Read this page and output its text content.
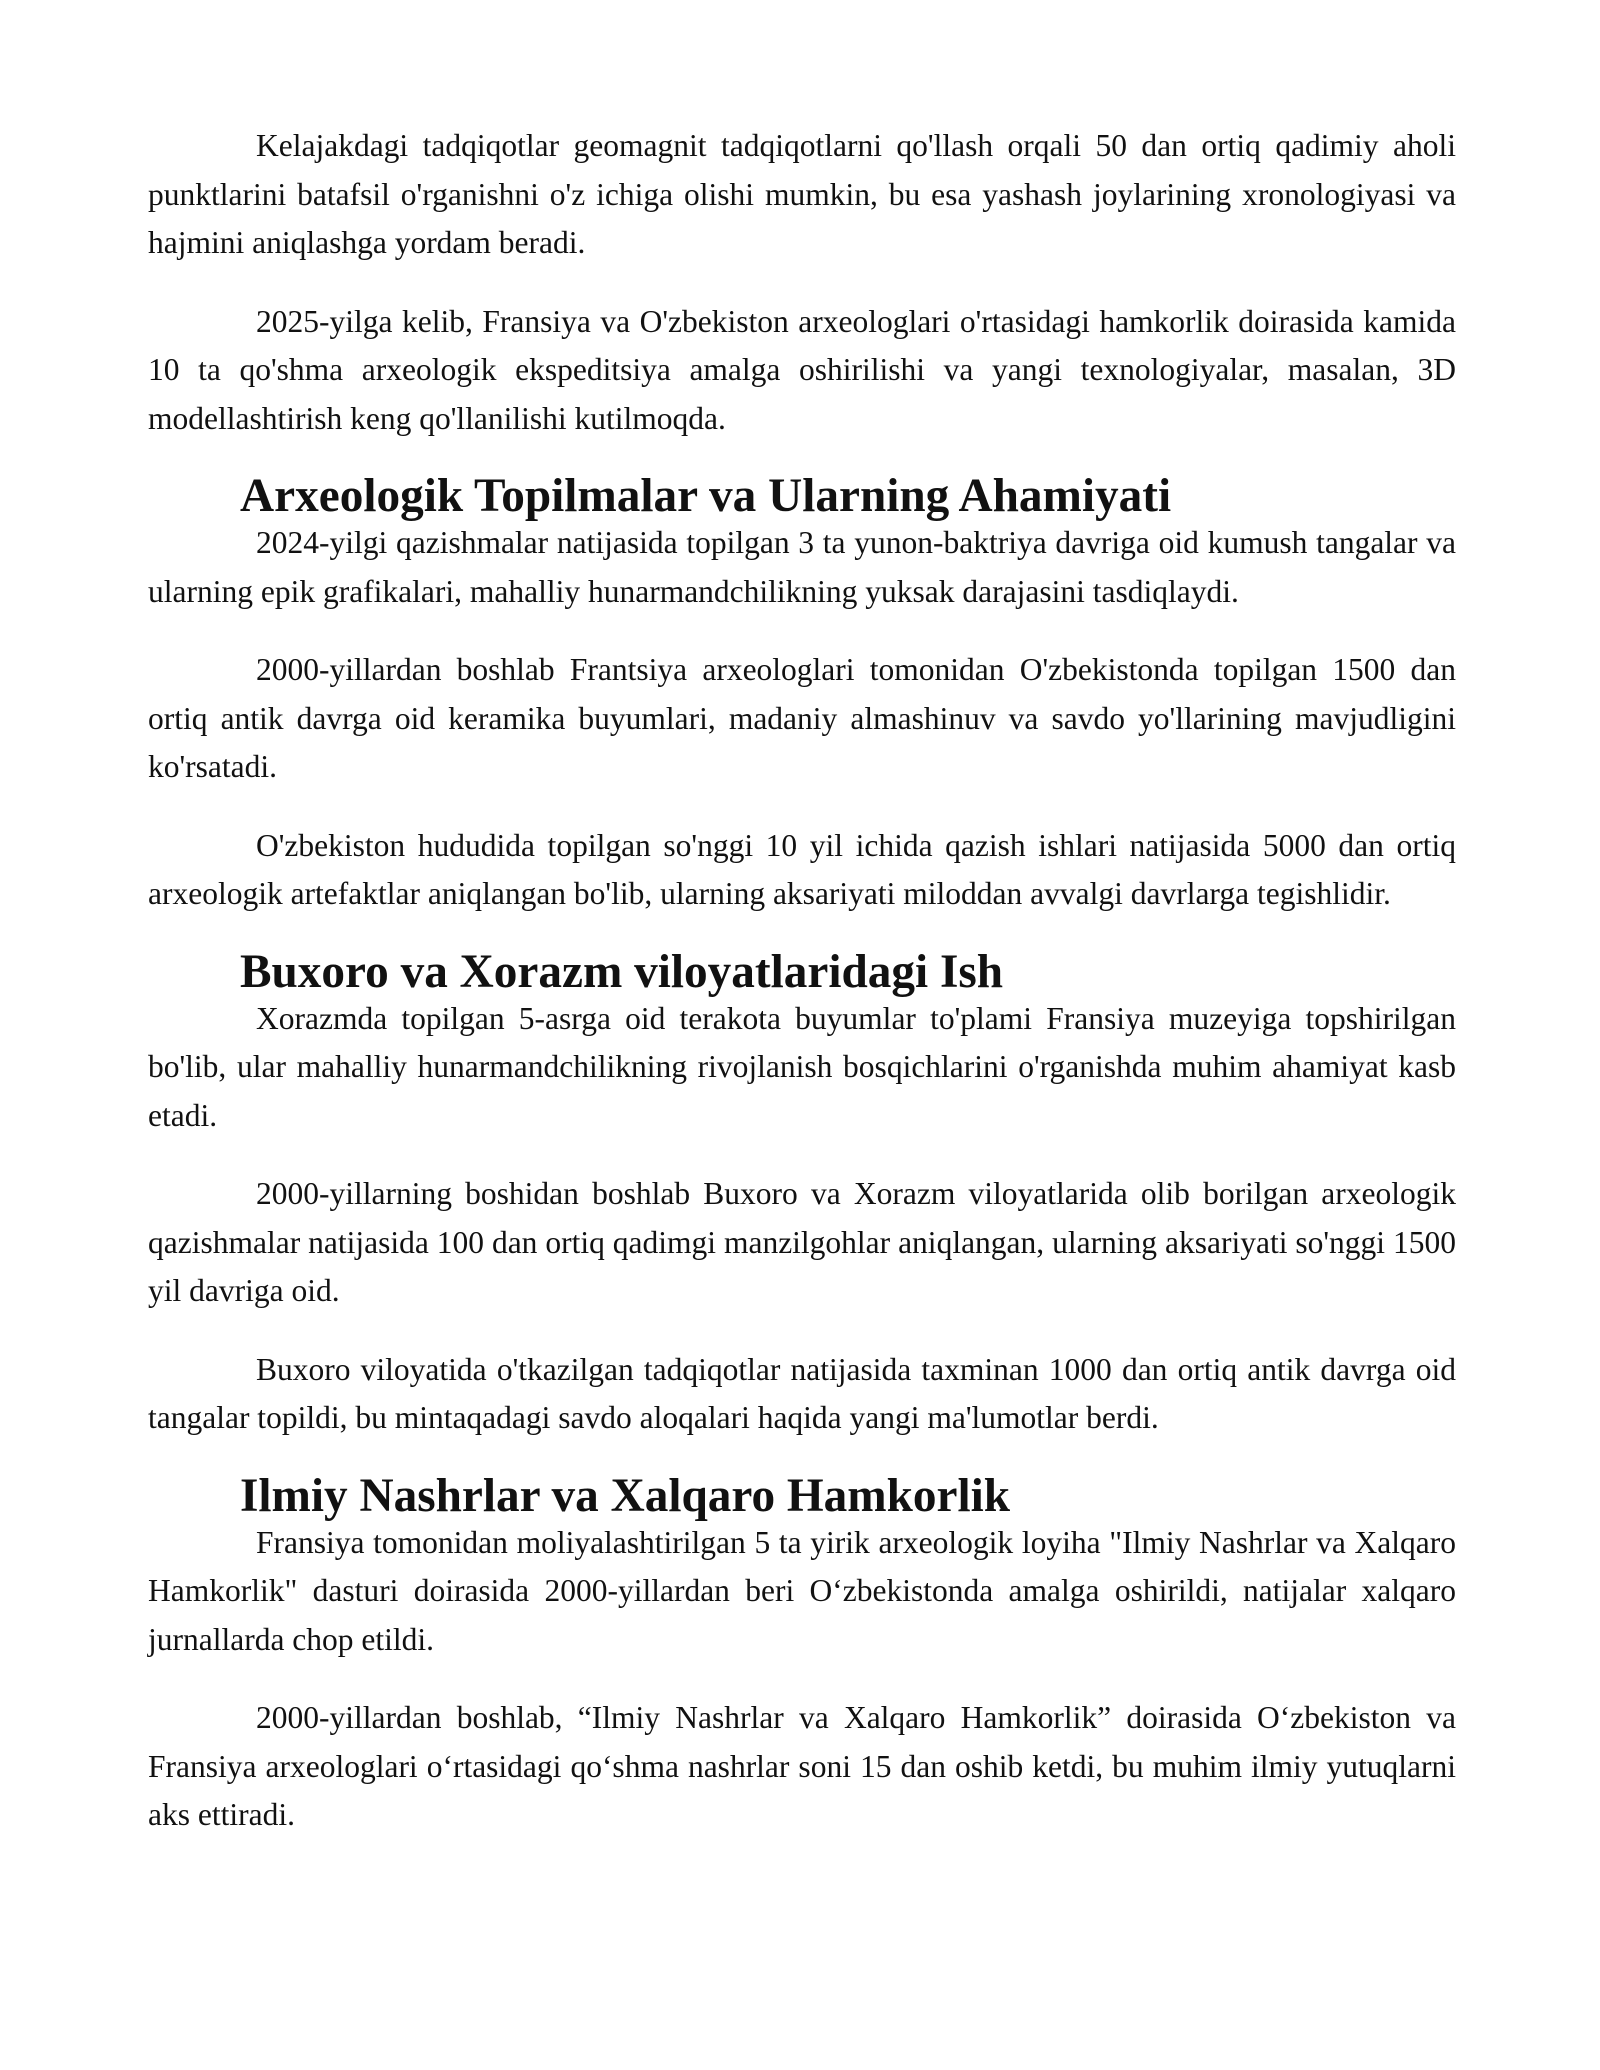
Kelajakdagi tadqiqotlar geomagnit tadqiqotlarni qo'llash orqali 50 dan ortiq qadimiy aholi punktlarini batafsil o'rganishni o'z ichiga olishi mumkin, bu esa yashash joylarining xronologiyasi va hajmini aniqlashga yordam beradi.

2025-yilga kelib, Fransiya va O'zbekiston arxeologlari o'rtasidagi hamkorlik doirasida kamida 10 ta qo'shma arxeologik ekspeditsiya amalga oshirilishi va yangi texnologiyalar, masalan, 3D modellashtirish keng qo'llanilishi kutilmoqda.

Arxeologik Topilmalar va Ularning Ahamiyati

2024-yilgi qazishmalar natijasida topilgan 3 ta yunon-baktriya davriga oid kumush tangalar va ularning epik grafikalari, mahalliy hunarmandchilikning yuksak darajasini tasdiqlaydi.

2000-yillardan boshlab Frantsiya arxeologlari tomonidan O'zbekistonda topilgan 1500 dan ortiq antik davrga oid keramika buyumlari, madaniy almashinuv va savdo yo'llarining mavjudligini ko'rsatadi.

O'zbekiston hududida topilgan so'nggi 10 yil ichida qazish ishlari natijasida 5000 dan ortiq arxeologik artefaktlar aniqlangan bo'lib, ularning aksariyati miloddan avvalgi davrlarga tegishlidir.

Buxoro va Xorazm viloyatlaridagi Ish

Xorazmda topilgan 5-asrga oid terakota buyumlar to'plami Fransiya muzeyiga topshirilgan bo'lib, ular mahalliy hunarmandchilikning rivojlanish bosqichlarini o'rganishda muhim ahamiyat kasb etadi.

2000-yillarning boshidan boshlab Buxoro va Xorazm viloyatlarida olib borilgan arxeologik qazishmalar natijasida 100 dan ortiq qadimgi manzilgohlar aniqlangan, ularning aksariyati so'nggi 1500 yil davriga oid.

Buxoro viloyatida o'tkazilgan tadqiqotlar natijasida taxminan 1000 dan ortiq antik davrga oid tangalar topildi, bu mintaqadagi savdo aloqalari haqida yangi ma'lumotlar berdi.

Ilmiy Nashrlar va Xalqaro Hamkorlik

Fransiya tomonidan moliyalashtirilgan 5 ta yirik arxeologik loyiha "Ilmiy Nashrlar va Xalqaro Hamkorlik" dasturi doirasida 2000-yillardan beri Oʻzbekistonda amalga oshirildi, natijalar xalqaro jurnallarda chop etildi.

2000-yillardan boshlab, “Ilmiy Nashrlar va Xalqaro Hamkorlik” doirasida Oʻzbekiston va Fransiya arxeologlari oʻrtasidagi qoʻshma nashrlar soni 15 dan oshib ketdi, bu muhim ilmiy yutuqlarni aks ettiradi.
